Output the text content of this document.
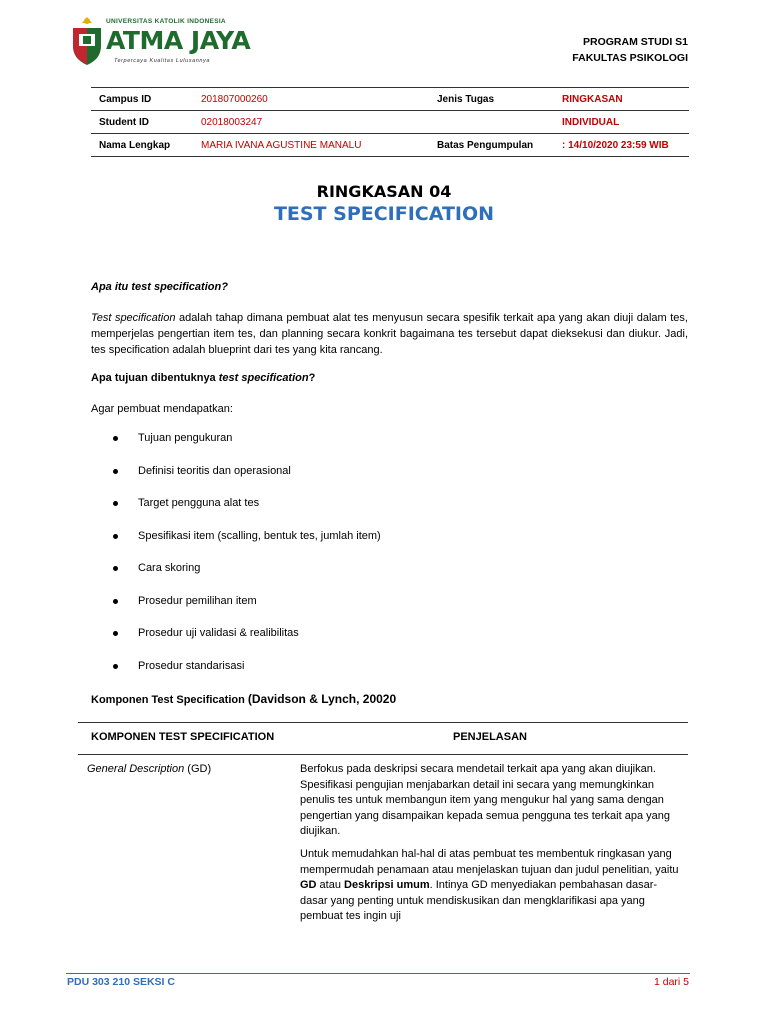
UNIVERSITAS KATOLIK INDONESIA
ATMA JAYA
Terpercaya Kualitas Lulusannya
PROGRAM STUDI S1
FAKULTAS PSIKOLOGI
Campus ID	201807000260	Jenis Tugas	RINGKASAN
Student ID	02018003247		INDIVIDUAL
Nama Lengkap	MARIA IVANA AGUSTINE MANALU	Batas Pengumpulan	: 14/10/2020 23:59 WIB
RINGKASAN 04
TEST SPECIFICATION
Apa itu test specification?
Test specification adalah tahap dimana pembuat alat tes menyusun secara spesifik terkait apa yang akan diuji dalam tes, memperjelas pengertian item tes, dan planning secara konkrit bagaimana tes tersebut dapat dieksekusi dan diukur. Jadi, tes specification adalah blueprint dari tes yang kita rancang.
Apa tujuan dibentuknya test specification?
Agar pembuat mendapatkan:
Tujuan pengukuran
Definisi teoritis dan operasional
Target pengguna alat tes
Spesifikasi item (scalling, bentuk tes, jumlah item)
Cara skoring
Prosedur pemilihan item
Prosedur uji validasi & realibilitas
Prosedur standarisasi
Komponen Test Specification (Davidson & Lynch, 20020
KOMPONEN TEST SPECIFICATION	PENJELASAN
General Description (GD)	Berfokus pada deskripsi secara mendetail terkait apa yang akan diujikan. Spesifikasi pengujian menjabarkan detail ini secara yang memungkinkan penulis tes untuk membangun item yang mengukur hal yang sama dengan pengertian yang disampaikan kepada semua pengguna tes terkait apa yang diujikan.
Untuk memudahkan hal-hal di atas pembuat tes membentuk ringkasan yang mempermudah penamaan atau menjelaskan tujuan dan judul penelitian, yaitu GD atau Deskripsi umum. Intinya GD menyediakan pembahasan dasar-dasar yang penting untuk mendiskusikan dan mengklarifikasi apa yang pembuat tes ingin uji
PDU 303 210 SEKSI C	1 dari 5
